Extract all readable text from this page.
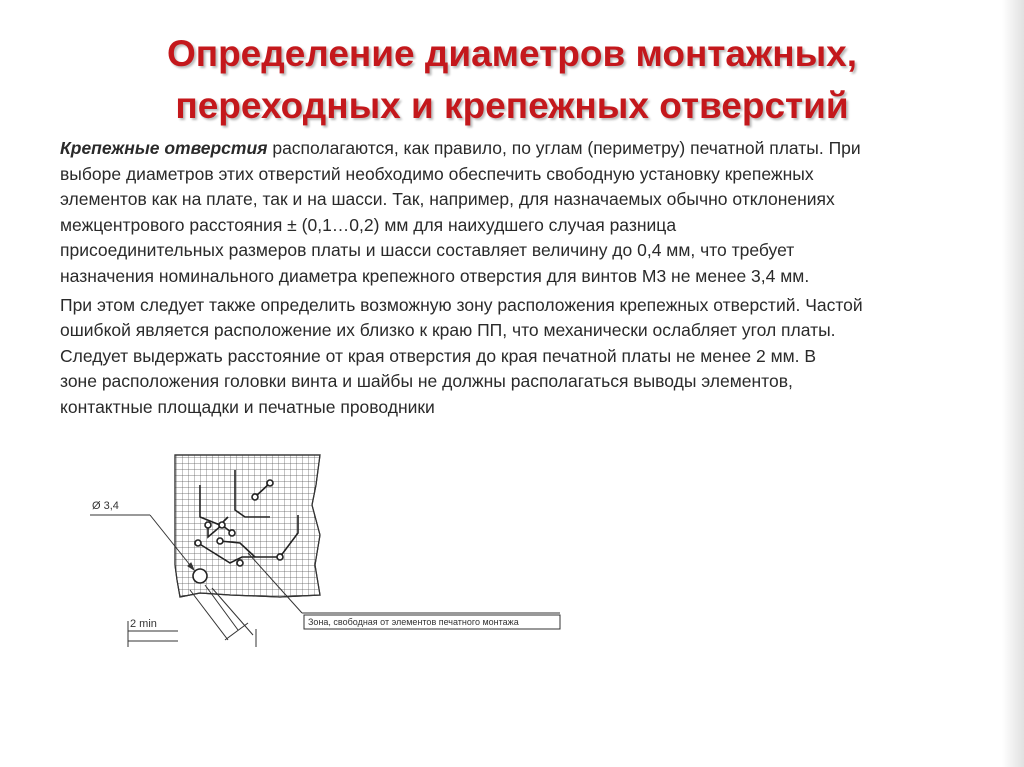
Определение диаметров монтажных,
переходных и крепежных отверстий

Крепежные отверстия располагаются, как правило, по углам (периметру) печатной платы. При
выборе диаметров этих отверстий необходимо обеспечить свободную установку крепежных
элементов как на плате, так и на шасси. Так, например, для назначаемых обычно отклонениях
межцентрового расстояния ± (0,1…0,2) мм для наихудшего случая разница
присоединительных размеров платы и шасси составляет величину до 0,4 мм, что требует
назначения номинального диаметра крепежного отверстия для винтов М3 не менее 3,4 мм.

При этом следует также определить возможную зону расположения крепежных отверстий. Частой
ошибкой является расположение их близко к краю ПП, что механически ослабляет угол платы.
Следует выдержать расстояние от края отверстия до края печатной платы не менее 2 мм. В
зоне расположения головки винта и шайбы не должны располагаться выводы элементов,
контактные площадки и печатные проводники

Ø 3,4
2 min	Зона, свободная от элементов печатного монтажа
